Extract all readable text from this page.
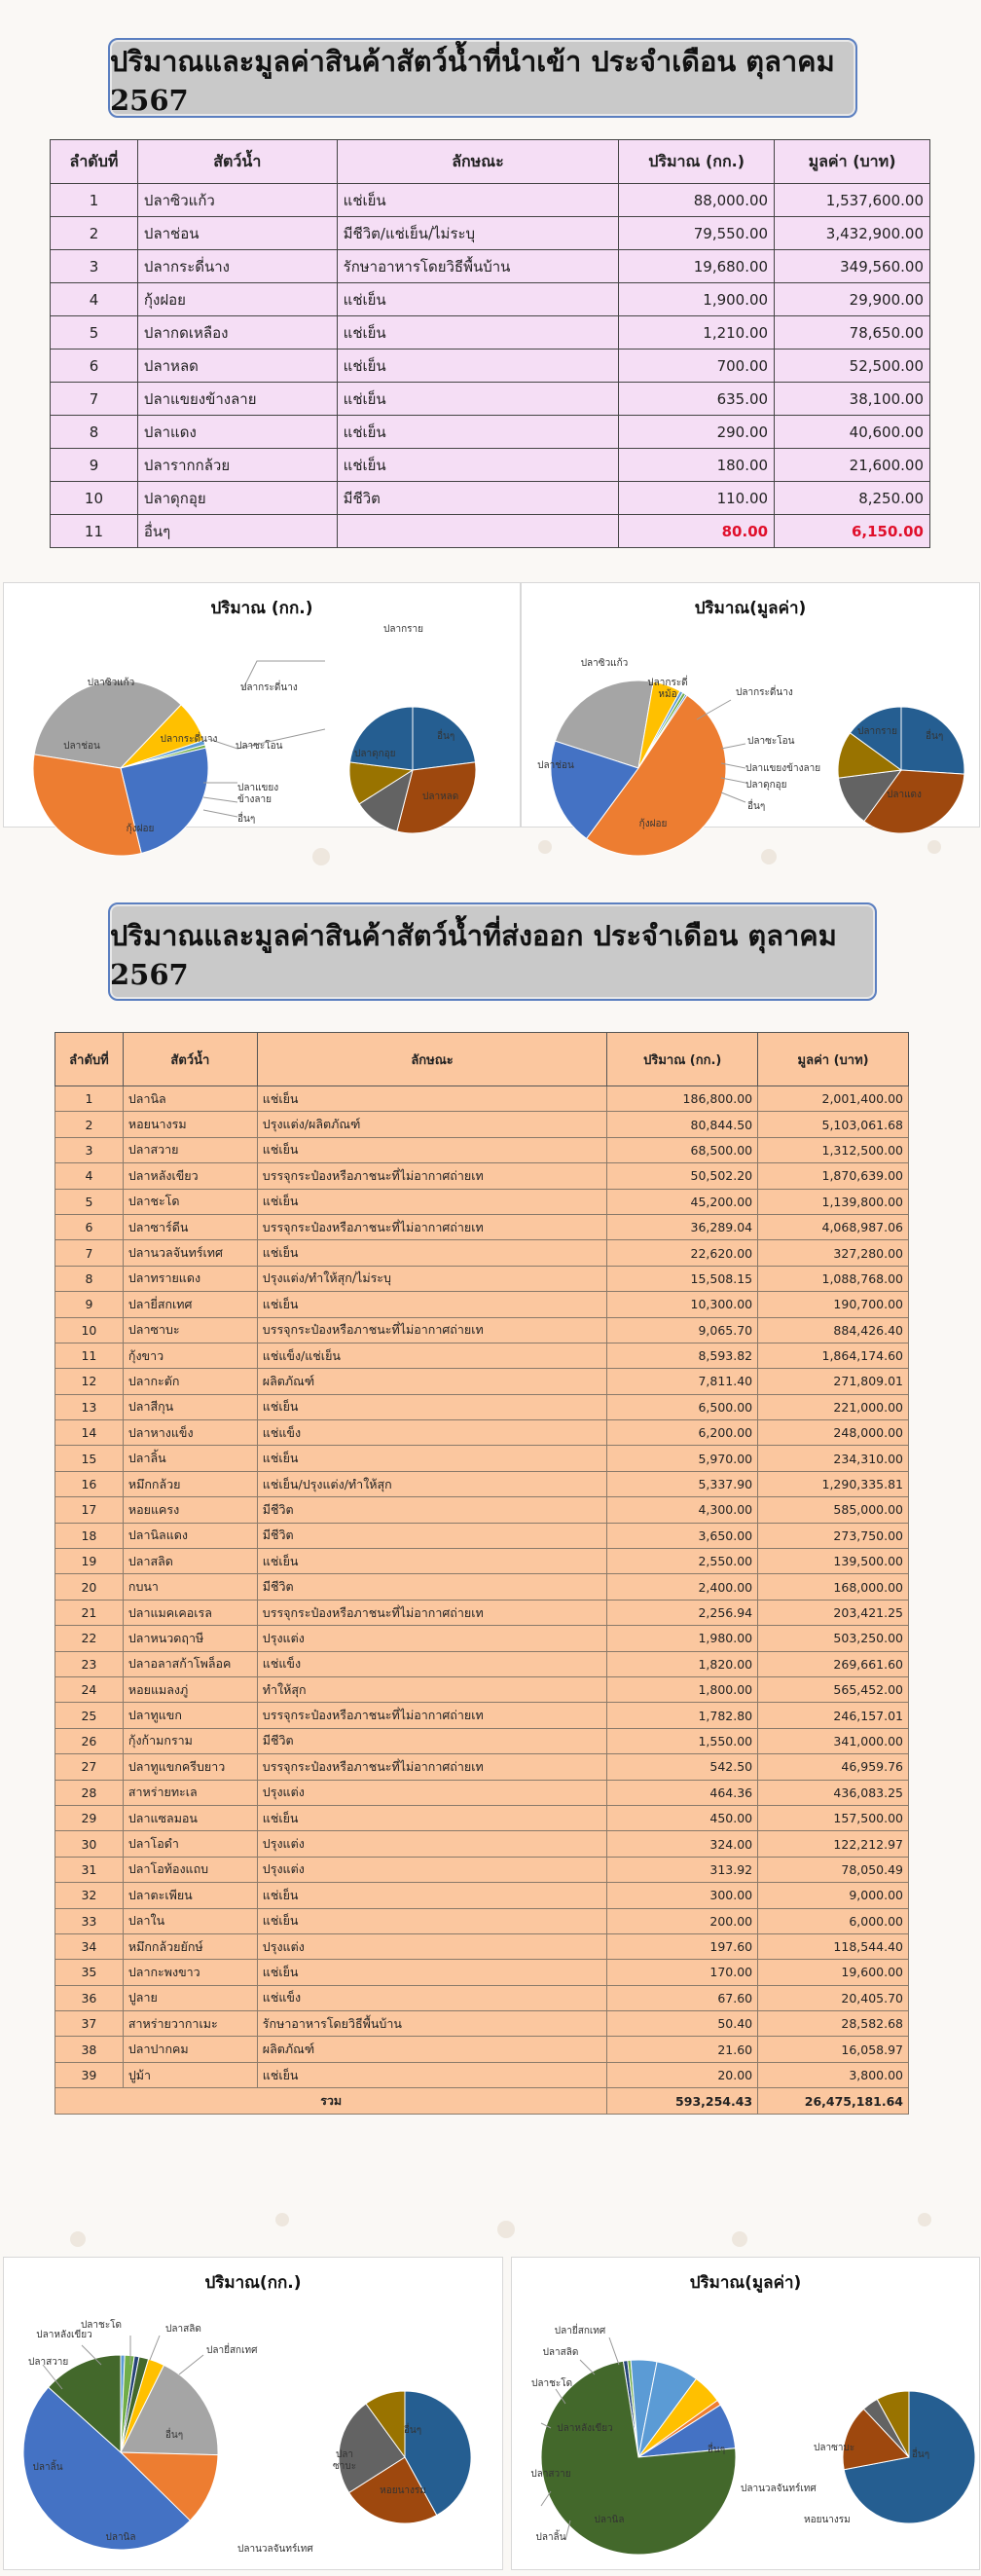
ปริมาณและมูลค่าสินค้าสัตว์น้ำที่นำเข้า ประจำเดือน ตุลาคม 2567
ลำดับที่	สัตว์น้ำ	ลักษณะ	ปริมาณ (กก.)	มูลค่า (บาท)
1	ปลาซิวแก้ว	แช่เย็น	88,000.00	1,537,600.00
2	ปลาช่อน	มีชีวิต/แช่เย็น/ไม่ระบุ	79,550.00	3,432,900.00
3	ปลากระดี่นาง	รักษาอาหารโดยวิธีพื้นบ้าน	19,680.00	349,560.00
4	กุ้งฝอย	แช่เย็น	1,900.00	29,900.00
5	ปลากดเหลือง	แช่เย็น	1,210.00	78,650.00
6	ปลาหลด	แช่เย็น	700.00	52,500.00
7	ปลาแขยงข้างลาย	แช่เย็น	635.00	38,100.00
8	ปลาแดง	แช่เย็น	290.00	40,600.00
9	ปลารากกล้วย	แช่เย็น	180.00	21,600.00
10	ปลาดุกอุย	มีชีวิต	110.00	8,250.00
11	อื่นๆ		80.00	6,150.00
ปริมาณ (กก.)
ปลาซิวแก้ว
ปลาช่อน
กุ้งฝอย
ปลากระดี่นาง
ปลากระดี่นาง
ปลาซะโอน
ปลาแขยงข้างลาย
อื่นๆ
ปลากราย
ปลาดุกอุย
อื่นๆ
ปลาหลด
ปริมาณ(มูลค่า)
ปลาซิวแก้ว
ปลากระดี่หม้อ	ปลากระดี่นาง
ปลาซะโอน
ปลาแขยงข้างลาย
ปลาดุกอุย
อื่นๆ
ปลาช่อน
กุ้งฝอย
ปลากราย	อื่นๆ
ปลาแดง
ปริมาณและมูลค่าสินค้าสัตว์น้ำที่ส่งออก ประจำเดือน ตุลาคม 2567
ลำดับที่	สัตว์น้ำ	ลักษณะ	ปริมาณ (กก.)	มูลค่า (บาท)
1	ปลานิล	แช่เย็น	186,800.00	2,001,400.00
2	หอยนางรม	ปรุงแต่ง/ผลิตภัณฑ์	80,844.50	5,103,061.68
3	ปลาสวาย	แช่เย็น	68,500.00	1,312,500.00
4	ปลาหลังเขียว	บรรจุกระป๋องหรือภาชนะที่ไม่อากาศถ่ายเท	50,502.20	1,870,639.00
5	ปลาชะโด	แช่เย็น	45,200.00	1,139,800.00
6	ปลาซาร์ดีน	บรรจุกระป๋องหรือภาชนะที่ไม่อากาศถ่ายเท	36,289.04	4,068,987.06
7	ปลานวลจันทร์เทศ	แช่เย็น	22,620.00	327,280.00
8	ปลาทรายแดง	ปรุงแต่ง/ทำให้สุก/ไม่ระบุ	15,508.15	1,088,768.00
9	ปลายี่สกเทศ	แช่เย็น	10,300.00	190,700.00
10	ปลาซาบะ	บรรจุกระป๋องหรือภาชนะที่ไม่อากาศถ่ายเท	9,065.70	884,426.40
11	กุ้งขาว	แช่แข็ง/แช่เย็น	8,593.82	1,864,174.60
12	ปลากะตัก	ผลิตภัณฑ์	7,811.40	271,809.01
13	ปลาสีกุน	แช่เย็น	6,500.00	221,000.00
14	ปลาหางแข็ง	แช่แข็ง	6,200.00	248,000.00
15	ปลาลิ้น	แช่เย็น	5,970.00	234,310.00
16	หมึกกล้วย	แช่เย็น/ปรุงแต่ง/ทำให้สุก	5,337.90	1,290,335.81
17	หอยแครง	มีชีวิต	4,300.00	585,000.00
18	ปลานิลแดง	มีชีวิต	3,650.00	273,750.00
19	ปลาสลิด	แช่เย็น	2,550.00	139,500.00
20	กบนา	มีชีวิต	2,400.00	168,000.00
21	ปลาแมคเคอเรล	บรรจุกระป๋องหรือภาชนะที่ไม่อากาศถ่ายเท	2,256.94	203,421.25
22	ปลาหนวดฤาษี	ปรุงแต่ง	1,980.00	503,250.00
23	ปลาอลาสก้าโพล็อค	แช่แข็ง	1,820.00	269,661.60
24	หอยแมลงภู่	ทำให้สุก	1,800.00	565,452.00
25	ปลาทูแขก	บรรจุกระป๋องหรือภาชนะที่ไม่อากาศถ่ายเท	1,782.80	246,157.01
26	กุ้งก้ามกราม	มีชีวิต	1,550.00	341,000.00
27	ปลาทูแขกครีบยาว	บรรจุกระป๋องหรือภาชนะที่ไม่อากาศถ่ายเท	542.50	46,959.76
28	สาหร่ายทะเล	ปรุงแต่ง	464.36	436,083.25
29	ปลาแซลมอน	แช่เย็น	450.00	157,500.00
30	ปลาโอดำ	ปรุงแต่ง	324.00	122,212.97
31	ปลาโอท้องแถบ	ปรุงแต่ง	313.92	78,050.49
32	ปลาตะเพียน	แช่เย็น	300.00	9,000.00
33	ปลาใน	แช่เย็น	200.00	6,000.00
34	หมึกกล้วยยักษ์	ปรุงแต่ง	197.60	118,544.40
35	ปลากะพงขาว	แช่เย็น	170.00	19,600.00
36	ปูลาย	แช่แข็ง	67.60	20,405.70
37	สาหร่ายวากาเมะ	รักษาอาหารโดยวิธีพื้นบ้าน	50.40	28,582.68
38	ปลาปากคม	ผลิตภัณฑ์	21.60	16,058.97
39	ปูม้า	แช่เย็น	20.00	3,800.00
รวม			593,254.43	26,475,181.64
ปริมาณ(กก.)
ปลาสลิด
ปลาหลังเขียว
ปลาชะโด
ปลายี่สกเทศ
ปลาสวาย
ปลาลิ้น
อื่นๆ
ปลานิล
ปลานวลจันทร์เทศ
อื่นๆ
ปลาซาบะ
หอยนางรม
ปริมาณ(มูลค่า)
ปลายี่สกเทศ
ปลาสลิด
ปลาชะโด
ปลาหลังเขียว
ปลาสวาย
ปลาลิ้น
ปลานิล
อื่นๆ	ปลาซาบะ
ปลานวลจันทร์เทศ
อื่นๆ
หอยนางรม
